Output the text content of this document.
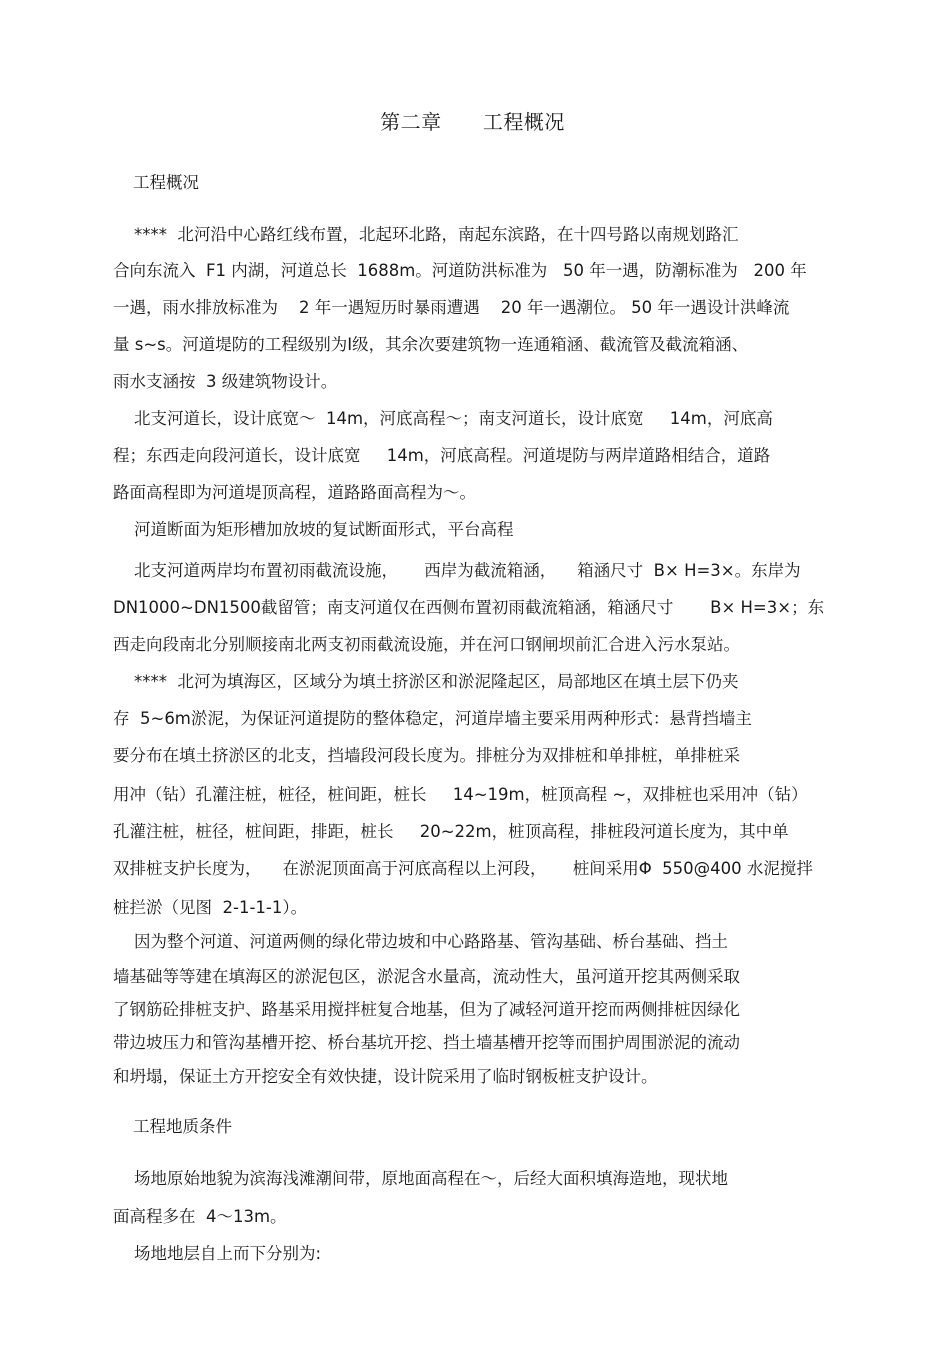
第二章      工程概况
工程概况
****  北河沿中心路红线布置，北起环北路，南起东滨路，在十四号路以南规划路汇
合向东流入  F1 内湖，河道总长  1688m。河道防洪标准为   50 年一遇，防潮标准为   200 年
一遇，雨水排放标准为    2 年一遇短历时暴雨遭遇    20 年一遇潮位。 50 年一遇设计洪峰流
量 s~s。河道堤防的工程级别为Ⅰ级，其余次要建筑物一连通箱涵、截流管及截流箱涵、
雨水支涵按  3 级建筑物设计。
北支河道长，设计底宽～  14m，河底高程～；南支河道长，设计底宽     14m，河底高
程；东西走向段河道长，设计底宽     14m，河底高程。河道堤防与两岸道路相结合，道路
路面高程即为河道堤顶高程，道路路面高程为～。
河道断面为矩形槽加放坡的复试断面形式，平台高程
北支河道两岸均布置初雨截流设施，     西岸为截流箱涵，    箱涵尺寸  B× H=3×。东岸为
DN1000~DN1500截留管；南支河道仅在西侧布置初雨截流箱涵，箱涵尺寸       B× H=3×；东
西走向段南北分别顺接南北两支初雨截流设施，并在河口钢闸坝前汇合进入污水泵站。
****  北河为填海区，区域分为填土挤淤区和淤泥隆起区，局部地区在填土层下仍夹
存  5~6m淤泥，为保证河道提防的整体稳定，河道岸墙主要采用两种形式：悬背挡墙主
要分布在填土挤淤区的北支，挡墙段河段长度为。排桩分为双排桩和单排桩，单排桩采
用冲（钻）孔灌注桩，桩径，桩间距，桩长     14~19m，桩顶高程 ~，双排桩也采用冲（钻）
孔灌注桩，桩径，桩间距，排距，桩长     20~22m，桩顶高程，排桩段河道长度为，其中单
双排桩支护长度为，    在淤泥顶面高于河底高程以上河段，     桩间采用Φ  550@400 水泥搅拌
桩拦淤（见图  2-1-1-1）。
因为整个河道、河道两侧的绿化带边坡和中心路路基、管沟基础、桥台基础、挡土
墙基础等等建在填海区的淤泥包区，淤泥含水量高，流动性大，虽河道开挖其两侧采取
了钢筋砼排桩支护、路基采用搅拌桩复合地基，但为了减轻河道开挖而两侧排桩因绿化
带边坡压力和管沟基槽开挖、桥台基坑开挖、挡土墙基槽开挖等而围护周围淤泥的流动
和坍塌，保证土方开挖安全有效快捷，设计院采用了临时钢板桩支护设计。
工程地质条件
场地原始地貌为滨海浅滩潮间带，原地面高程在～，后经大面积填海造地，现状地
面高程多在  4～13m。
场地地层自上而下分别为:
